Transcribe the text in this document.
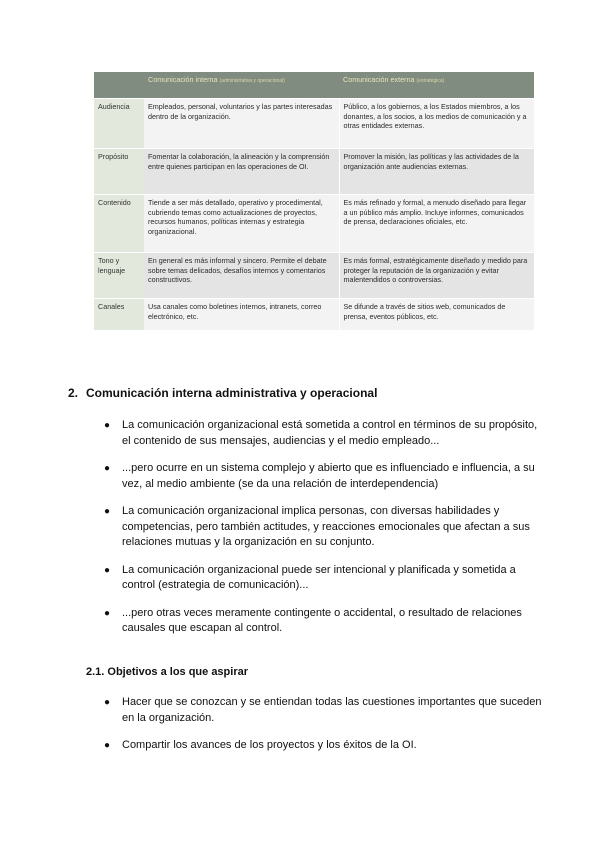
	Comunicación interna (administrativa y operacional)	Comunicación externa (estratégica)
Audiencia	Empleados, personal, voluntarios y las partes interesadas dentro de la organización.	Público, a los gobiernos, a los Estados miembros, a los donantes, a los socios, a los medios de comunicación y a otras entidades externas.
Propósito	Fomentar la colaboración, la alineación y la comprensión entre quienes participan en las operaciones de OI.	Promover la misión, las políticas y las actividades de la organización ante audiencias externas.
Contenido	Tiende a ser más detallado, operativo y procedimental, cubriendo temas como actualizaciones de proyectos, recursos humanos, políticas internas y estrategia organizacional.	Es más refinado y formal, a menudo diseñado para llegar a un público más amplio. Incluye informes, comunicados de prensa, declaraciones oficiales, etc.
Tono y lenguaje	En general es más informal y sincero. Permite el debate sobre temas delicados, desafíos internos y comentarios constructivos.	Es más formal, estratégicamente diseñado y medido para proteger la reputación de la organización y evitar malentendidos o controversias.
Canales	Usa canales como boletines internos, intranets, correo electrónico, etc.	Se difunde a través de sitios web, comunicados de prensa, eventos públicos, etc.
2. Comunicación interna administrativa y operacional
● La comunicación organizacional está sometida a control en términos de su propósito, el contenido de sus mensajes, audiencias y el medio empleado...
● ...pero ocurre en un sistema complejo y abierto que es influenciado e influencia, a su vez, al medio ambiente (se da una relación de interdependencia)
● La comunicación organizacional implica personas, con diversas habilidades y competencias, pero también actitudes, y reacciones emocionales que afectan a sus relaciones mutuas y la organización en su conjunto.
● La comunicación organizacional puede ser intencional y planificada y sometida a control (estrategia de comunicación)...
● ...pero otras veces meramente contingente o accidental, o resultado de relaciones causales que escapan al control.
2.1. Objetivos a los que aspirar
● Hacer que se conozcan y se entiendan todas las cuestiones importantes que suceden en la organización.
● Compartir los avances de los proyectos y los éxitos de la OI.
